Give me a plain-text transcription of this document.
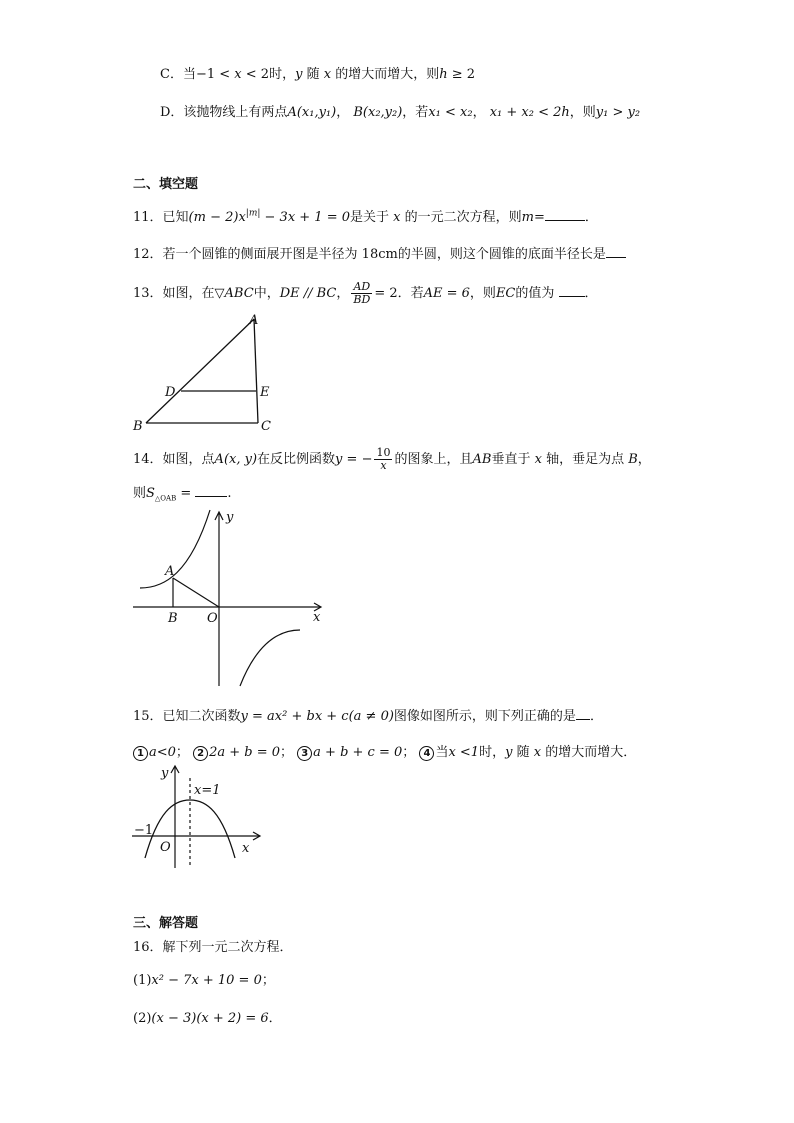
C．当−1 < x < 2时，y 随 x 的增大而增大，则h ≥ 2
D．该抛物线上有两点A(x₁,y₁)， B(x₂,y₂)，若x₁ < x₂， x₁ + x₂ < 2h，则y₁ > y₂
二、填空题
11．已知$(m - 2)x^{|m|} - 3x + 1 = 0$是关于 x 的一元二次方程，则m=	．
12．若一个圆锥的侧面展开图是半径为 18cm的半圆，则这个圆锥的底面半径长是
13．如图，在▽ABC中，DE // BC， $\frac{AD}{BD} = 2$．若AE = 6，则EC的值为 ．
A
B	C
D	E
14．如图，点A(x, y)在反比例函数y = − $\frac{10}{x}$ 的图象上，且AB垂直于 x 轴，垂足为点 B，
则$S_{\triangle OAB}$ =	.
y
x
A
B O
15．已知二次函数y = ax² + bx + c(a ≠ 0)图像如图所示，则下列正确的是 ．
1 a<0； 2 2a + b = 0； 3 a + b + c = 0； 4 当x <1时，y 随 x 的增大而增大．
y
x
O
−1
x=1
三、解答题
16．解下列一元二次方程．
(1)x² − 7x + 10 = 0；
(2)(x − 3)(x + 2) = 6．
